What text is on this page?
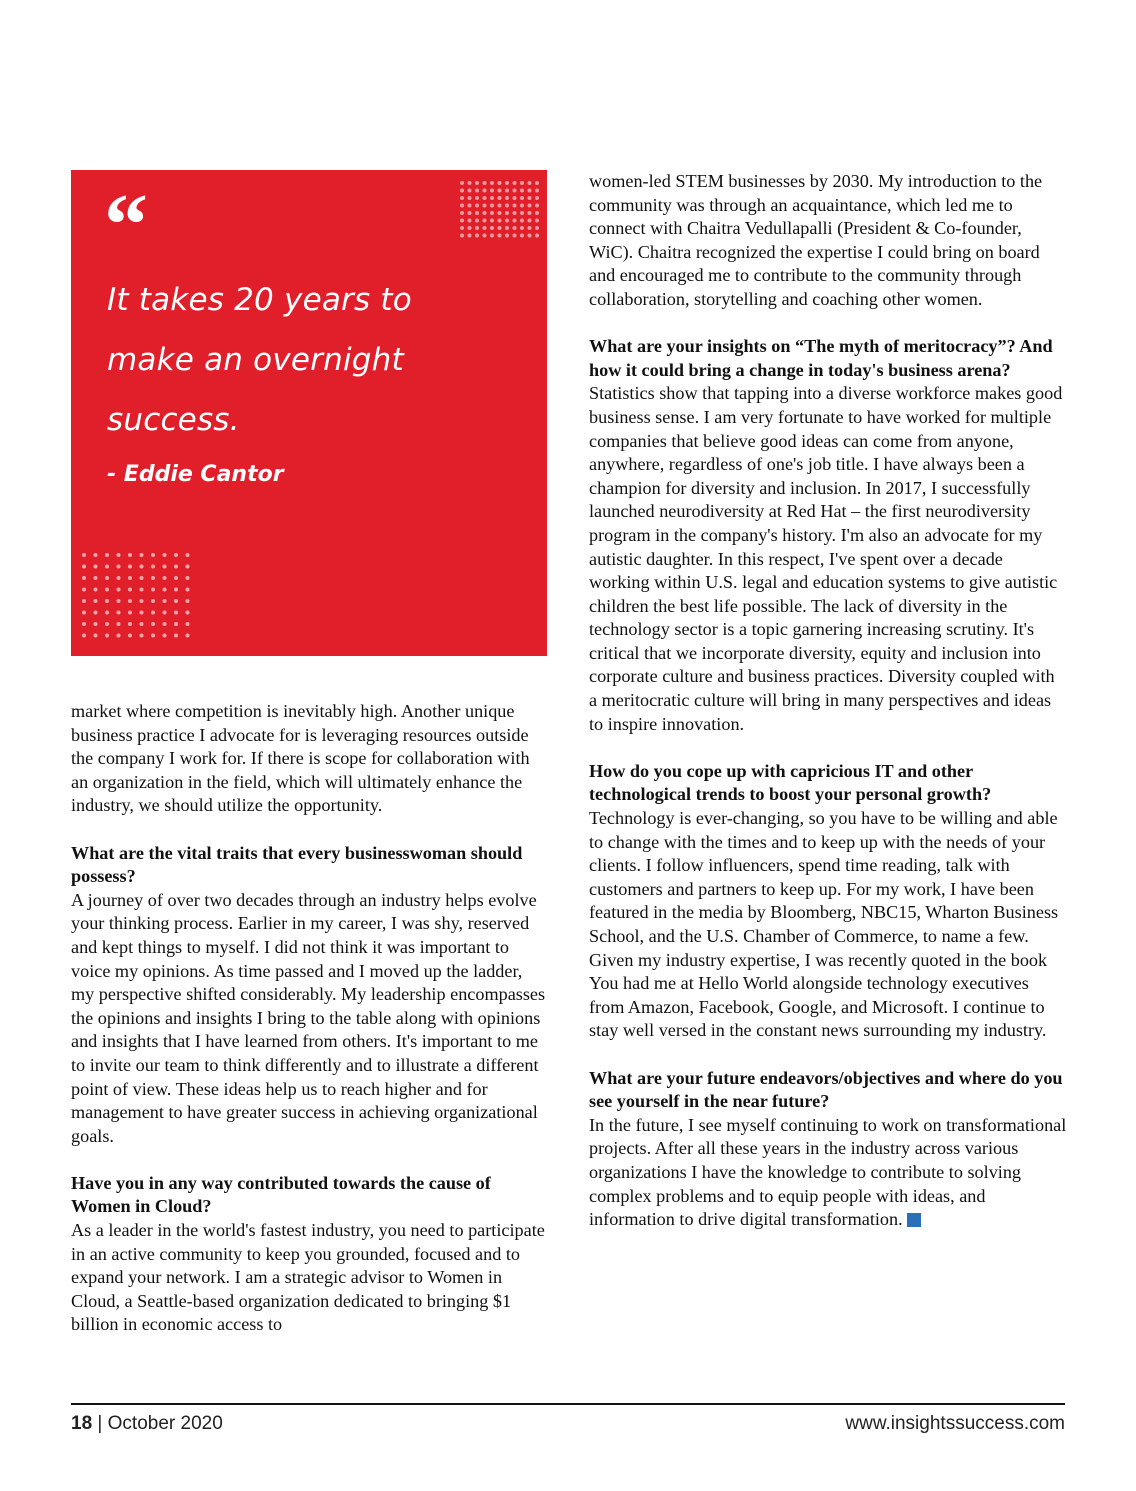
“
It takes 20 years to
make an overnight
success.
- Eddie Cantor

market where competition is inevitably high. Another unique business practice I advocate for is leveraging resources outside the company I work for. If there is scope for collaboration with an organization in the field, which will ultimately enhance the industry, we should utilize the opportunity.

What are the vital traits that every businesswoman should possess?

A journey of over two decades through an industry helps evolve your thinking process. Earlier in my career, I was shy, reserved and kept things to myself. I did not think it was important to voice my opinions. As time passed and I moved up the ladder, my perspective shifted considerably. My leadership encompasses the opinions and insights I bring to the table along with opinions and insights that I have learned from others. It's important to me to invite our team to think differently and to illustrate a different point of view. These ideas help us to reach higher and for management to have greater success in achieving organizational goals.

Have you in any way contributed towards the cause of Women in Cloud?

As a leader in the world's fastest industry, you need to participate in an active community to keep you grounded, focused and to expand your network. I am a strategic advisor to Women in Cloud, a Seattle-based organization dedicated to bringing $1 billion in economic access to

women-led STEM businesses by 2030. My introduction to the community was through an acquaintance, which led me to connect with Chaitra Vedullapalli (President & Co-founder, WiC). Chaitra recognized the expertise I could bring on board and encouraged me to contribute to the community through collaboration, storytelling and coaching other women.

What are your insights on “The myth of meritocracy”? And how it could bring a change in today's business arena?

Statistics show that tapping into a diverse workforce makes good business sense. I am very fortunate to have worked for multiple companies that believe good ideas can come from anyone, anywhere, regardless of one's job title. I have always been a champion for diversity and inclusion. In 2017, I successfully launched neurodiversity at Red Hat – the first neurodiversity program in the company's history. I'm also an advocate for my autistic daughter. In this respect, I've spent over a decade working within U.S. legal and education systems to give autistic children the best life possible. The lack of diversity in the technology sector is a topic garnering increasing scrutiny. It's critical that we incorporate diversity, equity and inclusion into corporate culture and business practices. Diversity coupled with a meritocratic culture will bring in many perspectives and ideas to inspire innovation.

How do you cope up with capricious IT and other technological trends to boost your personal growth?

Technology is ever-changing, so you have to be willing and able to change with the times and to keep up with the needs of your clients. I follow influencers, spend time reading, talk with customers and partners to keep up. For my work, I have been featured in the media by Bloomberg, NBC15, Wharton Business School, and the U.S. Chamber of Commerce, to name a few. Given my industry expertise, I was recently quoted in the book You had me at Hello World alongside technology executives from Amazon, Facebook, Google, and Microsoft. I continue to stay well versed in the constant news surrounding my industry.

What are your future endeavors/objectives and where do you see yourself in the near future?

In the future, I see myself continuing to work on transformational projects. After all these years in the industry across various organizations I have the knowledge to contribute to solving complex problems and to equip people with ideas, and information to drive digital transformation.

18 | October 2020	www.insightssuccess.com
